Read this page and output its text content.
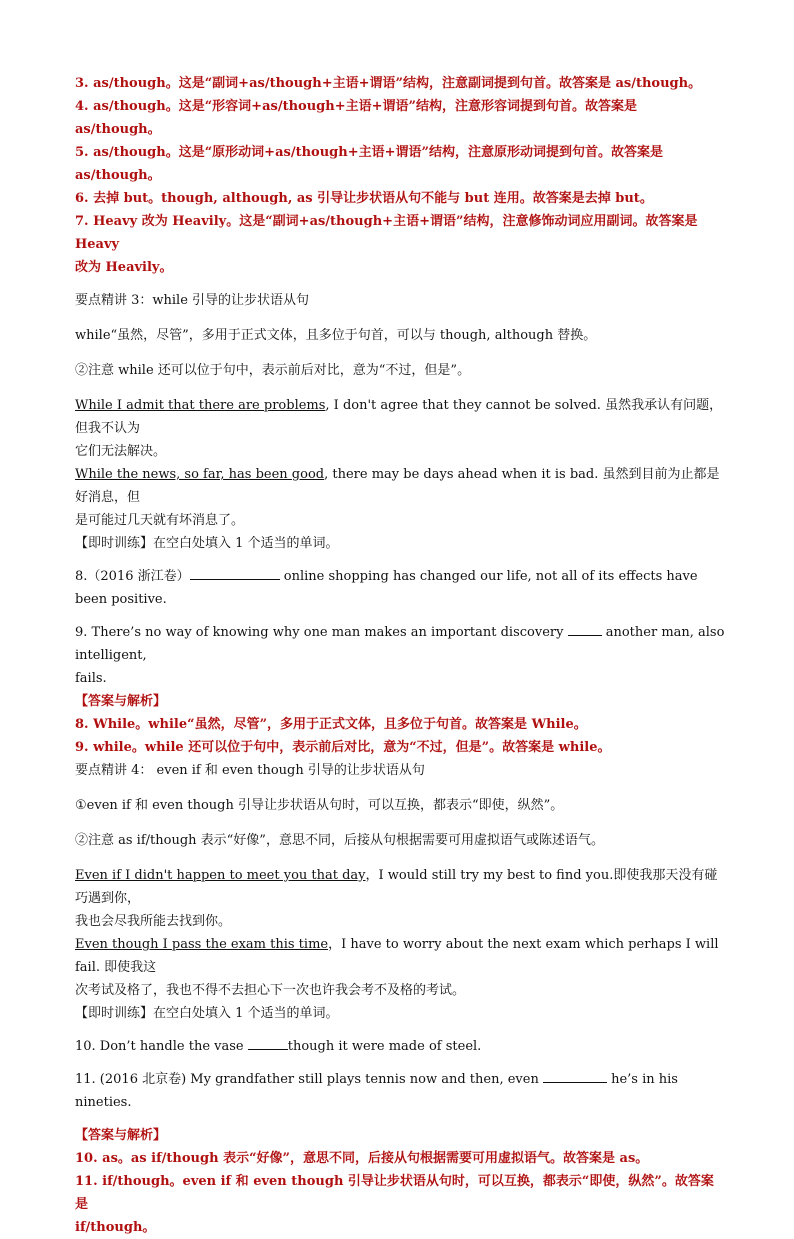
3. as/though。这是“副词+as/though+主语+谓语”结构，注意副词提到句首。故答案是 as/though。

4. as/though。这是“形容词+as/though+主语+谓语”结构，注意形容词提到句首。故答案是 as/though。

5. as/though。这是“原形动词+as/though+主语+谓语”结构，注意原形动词提到句首。故答案是

as/though。

6. 去掉 but。though, although, as 引导让步状语从句不能与 but 连用。故答案是去掉 but。

7. Heavy 改为 Heavily。这是“副词+as/though+主语+谓语”结构，注意修饰动词应用副词。故答案是 Heavy

改为 Heavily。

要点精讲 3：while 引导的让步状语从句

while“虽然，尽管”，多用于正式文体，且多位于句首，可以与 though, although 替换。

②注意 while 还可以位于句中，表示前后对比，意为“不过，但是”。

While I admit that there are problems, I don't agree that they cannot be solved. 虽然我承认有问题，但我不认为

它们无法解决。

While the news, so far, has been good, there may be days ahead when it is bad. 虽然到目前为止都是好消息，但

是可能过几天就有坏消息了。

【即时训练】在空白处填入 1 个适当的单词。

8.（2016 浙江卷）	online shopping has changed our life, not all of its effects have been positive.

9. There’s no way of knowing why one man makes an important discovery	another man, also intelligent,

fails.

【答案与解析】

8. While。while“虽然，尽管”，多用于正式文体，且多位于句首。故答案是 While。

9. while。while 还可以位于句中，表示前后对比，意为“不过，但是”。故答案是 while。

要点精讲 4： even if 和 even though 引导的让步状语从句

①even if 和 even though 引导让步状语从句时，可以互换，都表示“即使，纵然”。

②注意 as if/though 表示“好像”，意思不同，后接从句根据需要可用虚拟语气或陈述语气。

Even if I didn't happen to meet you that day，I would still try my best to find you.即使我那天没有碰巧遇到你，

我也会尽我所能去找到你。

Even though I pass the exam this time，I have to worry about the next exam which perhaps I will fail. 即使我这

次考试及格了，我也不得不去担心下一次也许我会考不及格的考试。

【即时训练】在空白处填入 1 个适当的单词。

10. Don’t handle the vase	though it were made of steel.

11. (2016 北京卷) My grandfather still plays tennis now and then, even	he’s in his nineties.

【答案与解析】

10. as。as if/though 表示“好像”，意思不同，后接从句根据需要可用虚拟语气。故答案是 as。

11. if/though。even if 和 even though 引导让步状语从句时，可以互换，都表示“即使，纵然”。故答案是

if/though。
